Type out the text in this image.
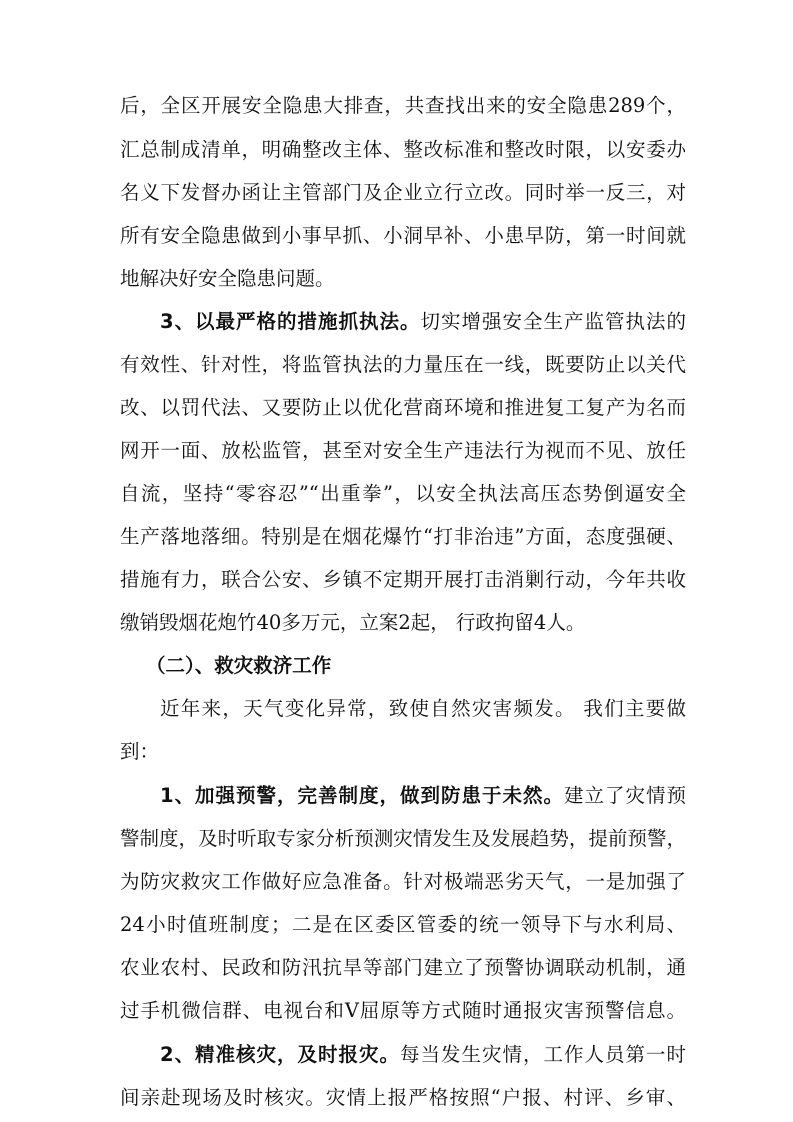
后，全区开展安全隐患大排查，共查找出来的安全隐患289个，
汇总制成清单，明确整改主体、整改标准和整改时限，以安委办
名义下发督办函让主管部门及企业立行立改。同时举一反三，对
所有安全隐患做到小事早抓、小洞早补、小患早防，第一时间就
地解决好安全隐患问题。
3、以最严格的措施抓执法。切实增强安全生产监管执法的
有效性、针对性，将监管执法的力量压在一线，既要防止以关代
改、以罚代法、又要防止以优化营商环境和推进复工复产为名而
网开一面、放松监管，甚至对安全生产违法行为视而不见、放任
自流，坚持“零容忍”“出重拳”，以安全执法高压态势倒逼安全
生产落地落细。特别是在烟花爆竹“打非治违”方面，态度强硬、
措施有力，联合公安、乡镇不定期开展打击消剿行动，今年共收
缴销毁烟花炮竹40多万元，立案2起， 行政拘留4人。
（二）、救灾救济工作
近年来，天气变化异常，致使自然灾害频发。 我们主要做
到：
1、加强预警，完善制度，做到防患于未然。建立了灾情预
警制度，及时听取专家分析预测灾情发生及发展趋势，提前预警，
为防灾救灾工作做好应急准备。针对极端恶劣天气，一是加强了
24小时值班制度；二是在区委区管委的统一领导下与水利局、
农业农村、民政和防汛抗旱等部门建立了预警协调联动机制，通
过手机微信群、电视台和V屈原等方式随时通报灾害预警信息。
2、精准核灾，及时报灾。每当发生灾情，工作人员第一时
间亲赴现场及时核灾。灾情上报严格按照“户报、村评、乡审、
